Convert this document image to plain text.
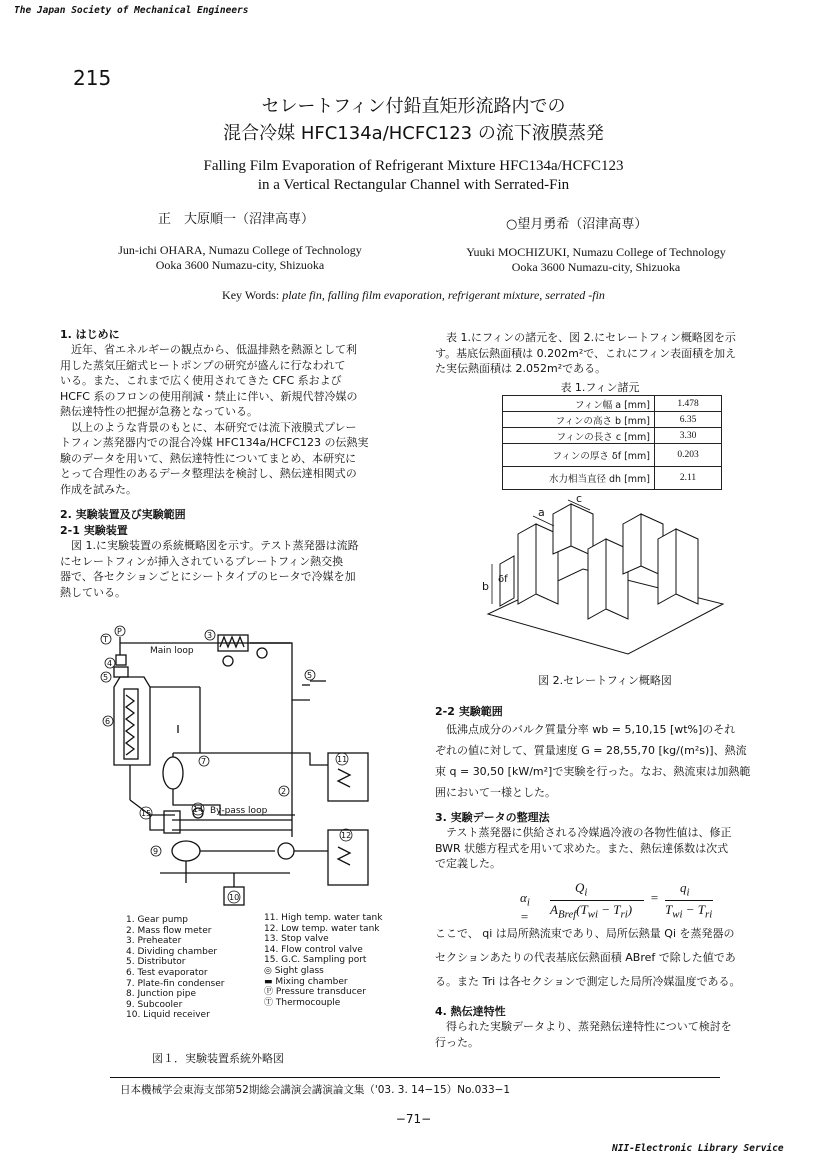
The Japan Society of Mechanical Engineers
215
セレートフィン付鉛直矩形流路内での
混合冷媒 HFC134a/HCFC123 の流下液膜蒸発
Falling Film Evaporation of Refrigerant Mixture HFC134a/HCFC123
in a Vertical Rectangular Channel with Serrated-Fin
正　大原順一（沼津高専）	○望月勇希（沼津高専）
Jun-ichi OHARA, Numazu College of Technology
Ooka 3600 Numazu-city, Shizuoka
Yuuki MOCHIZUKI, Numazu College of Technology
Ooka 3600 Numazu-city, Shizuoka
Key Words: plate fin, falling film evaporation, refrigerant mixture, serrated -fin
1. はじめに
　近年、省エネルギーの観点から、低温排熱を熱源として利
用した蒸気圧縮式ヒートポンプの研究が盛んに行なわれて
いる。また、これまで広く使用されてきた CFC 系および
HCFC 系のフロンの使用削減・禁止に伴い、新規代替冷媒の
熱伝達特性の把握が急務となっている。
　以上のような背景のもとに、本研究では流下液膜式プレー
トフィン蒸発器内での混合冷媒 HFC134a/HCFC123 の伝熱実
験のデータを用いて、熱伝達特性についてまとめ、本研究に
とって合理性のあるデータ整理法を検討し、熱伝達相関式の
作成を試みた。
2. 実験装置及び実験範囲
2-1 実験装置
　図 1.に実験装置の系統概略図を示す。テスト蒸発器は流路
にセレートフィンが挿入されているプレートフィン熱交換
器で、各セクションごとにシートタイプのヒータで冷媒を加
熱している。
Main loop
By-pass loop
P
T	3
4
5
6
7
5
11
2
12
15
9
14
10
1. Gear pump
2. Mass flow meter
3. Preheater
4. Dividing chamber
5. Distributor
6. Test evaporator
7. Plate-fin condenser
8. Junction pipe
9. Subcooler
10. Liquid receiver
11. High temp. water tank
12. Low temp. water tank
13. Stop valve
14. Flow control valve
15. G.C. Sampling port
◎ Sight glass
▬ Mixing chamber
Ⓟ Pressure transducer
Ⓣ Thermocouple
図１．実験装置系統外略図
　表 1.にフィンの諸元を、図 2.にセレートフィン概略図を示
す。基底伝熱面積は 0.202m²で、これにフィン表面積を加え
た実伝熱面積は 2.052m²である。
表 1.フィン諸元
フィン幅 a [mm]	1.478
フィンの高さ b [mm]	6.35
フィンの長さ c [mm]	3.30
フィンの厚さ δf [mm]	0.203
水力相当直径 dh [mm]	2.11
a
b
c
δf
図 2.セレートフィン概略図
2-2 実験範囲
　低沸点成分のバルク質量分率 wb = 5,10,15 [wt%]のそれ
ぞれの値に対して、質量速度 G = 28,55,70 [kg/(m²s)]、熱流
束 q = 30,50 [kW/m²]で実験を行った。なお、熱流束は加熱範
囲において一様とした。
3. 実験データの整理法
　テスト蒸発器に供給される冷媒過冷液の各物性値は、修正
BWR 状態方程式を用いて求めた。また、熱伝達係数は次式
で定義した。
$\alpha_i$ =
$Q_i$
$A_{Bref}(T_{wi} - T_{ri})$
=
$q_i$
$T_{wi} - T_{ri}$
ここで、 qi は局所熱流束であり、局所伝熱量 Qi を蒸発器の
セクションあたりの代表基底伝熱面積 ABref で除した値であ
る。また Tri は各セクションで測定した局所冷媒温度である。
4. 熱伝達特性
　得られた実験データより、蒸発熱伝達特性について検討を
行った。
日本機械学会東海支部第52期総会講演会講演論文集（'03. 3. 14−15）No.033−1
−71−
NII-Electronic Library Service
